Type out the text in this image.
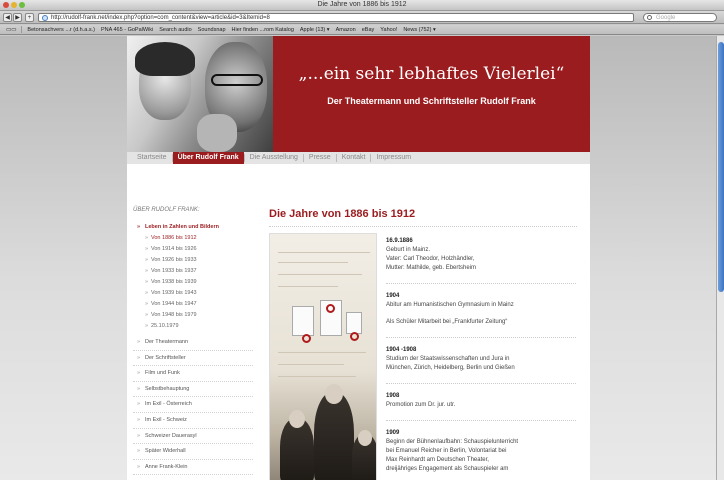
Die Jahre von 1886 bis 1912
◀ ▶	+	http://rudolf-frank.net/index.php?option=com_content&view=article&id=3&Itemid=8	Google
▭▭	Betonsachvers ...r (d.h.a.s.)	PNA 465 - GoPalWiki	Search audio	Soundsnap	Hier finden ...rom Katalog	Apple (13) ▾	Amazon	eBay	Yahoo!	News (752) ▾
„...ein sehr lebhaftes Vielerlei“
Der Theatermann und Schriftsteller Rudolf Frank
Startseite	Über Rudolf Frank	Die Ausstellung	Presse	Kontakt	Impressum
ÜBER RUDOLF FRANK:
» Leben in Zahlen und Bildern
» Von 1886 bis 1912
» Von 1914 bis 1926
» Von 1926 bis 1933
» Von 1933 bis 1937
» Von 1938 bis 1939
» Von 1939 bis 1943
» Von 1944 bis 1947
» Von 1948 bis 1979
» 25.10.1979
» Der Theatermann
» Der Schriftsteller
» Film und Funk
» Selbstbehauptung
» Im Exil - Österreich
» Im Exil - Schweiz
» Schweizer Dauerasyl
» Später Widerhall
» Anne Frank-Klein
Die Jahre von 1886 bis 1912
16.9.1886
Geburt in Mainz.
Vater: Carl Theodor, Holzhändler,
Mutter: Mathilde, geb. Ebertsheim
1904
Abitur am Humanistischen Gymnasium in Mainz
Als Schüler Mitarbeit bei „Frankfurter Zeitung“
1904 -1908
Studium der Staatswissenschaften und Jura in
München, Zürich, Heidelberg, Berlin und Gießen
1908
Promotion zum Dr. jur. utr.
1909
Beginn der Bühnenlaufbahn: Schauspielunterricht
bei Emanuel Reicher in Berlin, Volontariat bei
Max Reinhardt am Deutschen Theater,
dreijähriges Engagement als Schauspieler am
